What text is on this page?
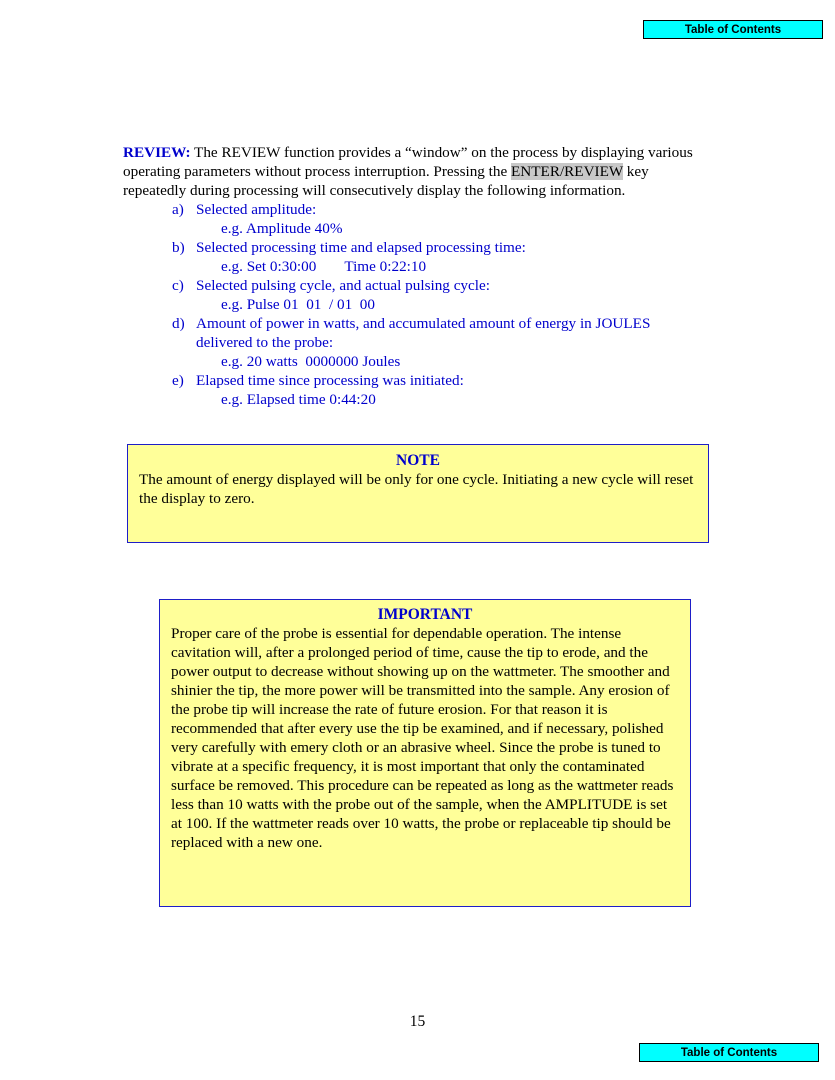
Table of Contents
REVIEW: The REVIEW function provides a “window” on the process by displaying various operating parameters without process interruption. Pressing the ENTER/REVIEW key repeatedly during processing will consecutively display the following information.
a) Selected amplitude:
e.g. Amplitude 40%
b) Selected processing time and elapsed processing time:
e.g. Set 0:30:00 Time 0:22:10
c) Selected pulsing cycle, and actual pulsing cycle:
e.g. Pulse 01  01  / 01  00
d) Amount of power in watts, and accumulated amount of energy in JOULES delivered to the probe:
e.g. 20 watts  0000000 Joules
e) Elapsed time since processing was initiated:
e.g. Elapsed time 0:44:20
NOTE
The amount of energy displayed will be only for one cycle. Initiating a new cycle will reset the display to zero.
IMPORTANT
Proper care of the probe is essential for dependable operation. The intense cavitation will, after a prolonged period of time, cause the tip to erode, and the power output to decrease without showing up on the wattmeter. The smoother and shinier the tip, the more power will be transmitted into the sample. Any erosion of the probe tip will increase the rate of future erosion. For that reason it is recommended that after every use the tip be examined, and if necessary, polished very carefully with emery cloth or an abrasive wheel. Since the probe is tuned to vibrate at a specific frequency, it is most important that only the contaminated surface be removed. This procedure can be repeated as long as the wattmeter reads less than 10 watts with the probe out of the sample, when the AMPLITUDE is set at 100. If the wattmeter reads over 10 watts, the probe or replaceable tip should be replaced with a new one.
15
Table of Contents
